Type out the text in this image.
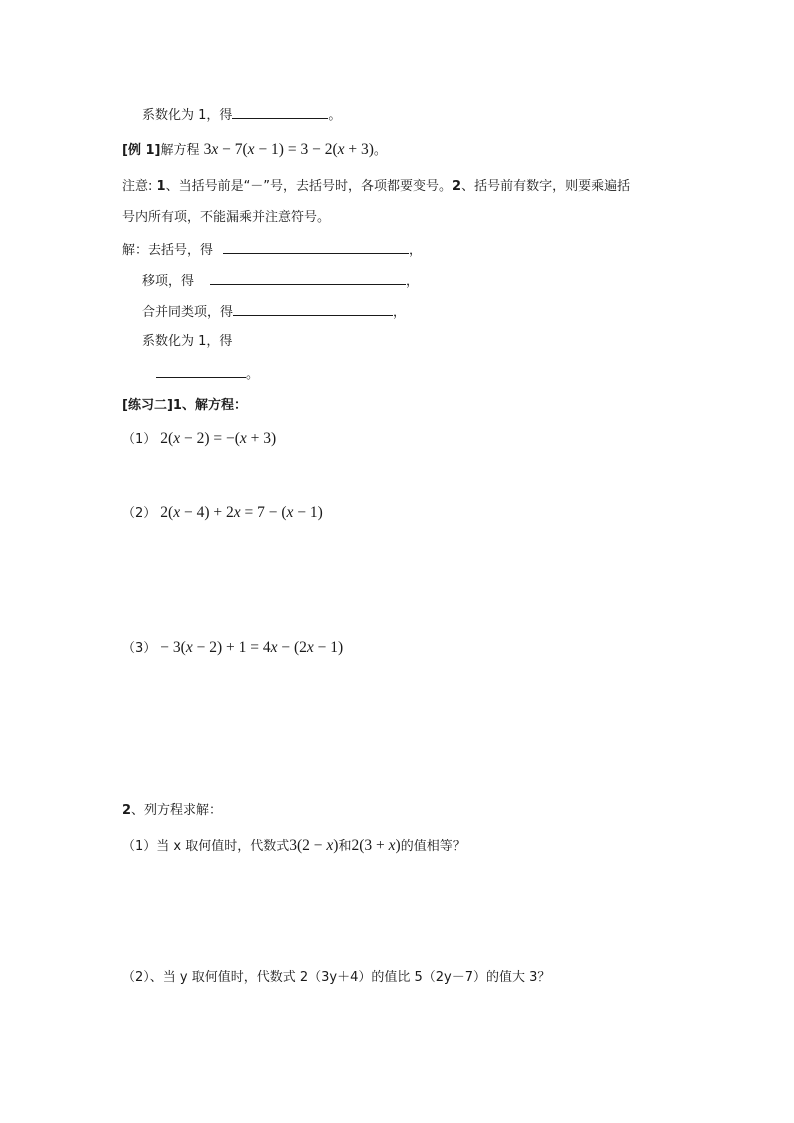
系数化为 1，得	。
[例 1]解方程 3x − 7(x − 1) = 3 − 2(x + 3)。
注意: 1、当括号前是“－”号，去括号时，各项都要变号。2、括号前有数字，则要乘遍括
号内所有项，不能漏乘并注意符号。
解：去括号，得	，
移项，得	，
合并同类项，得	，
系数化为 1，得
。
[练习二]1、解方程：
（1） 2(x − 2) = −(x + 3)
（2） 2(x − 4) + 2x = 7 − (x − 1)
（3） − 3(x − 2) + 1 = 4x − (2x − 1)
2、列方程求解：
（1）当 x 取何值时，代数式3(2 − x)和2(3 + x)的值相等？
（2）、当 y 取何值时，代数式 2（3y＋4）的值比 5（2y－7）的值大 3？
